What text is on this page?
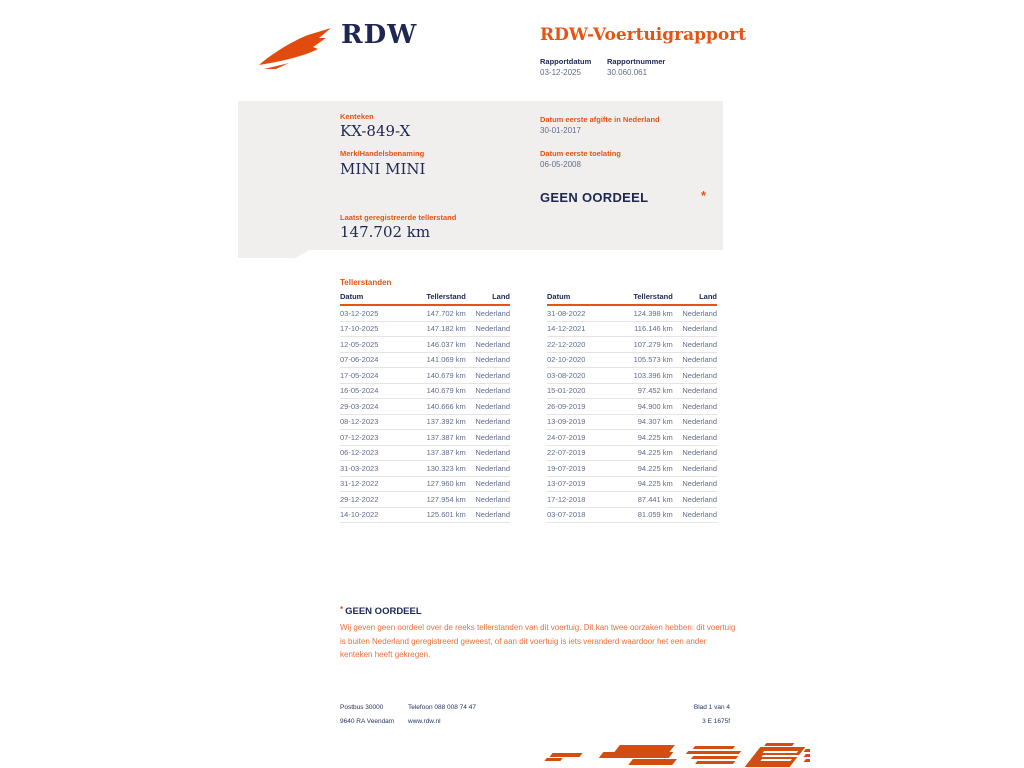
RDW	RDW-Voertuigrapport
Rapportdatum Rapportnummer
03-12-2025	30.060.061
Kenteken
KX-849-X
Merk/Handelsbenaming
MINI MINI
Laatst geregistreerde tellerstand
147.702 km
Datum eerste afgifte in Nederland
30-01-2017
Datum eerste toelating
06-05-2008
GEEN OORDEEL	*
Tellerstanden
Datum	Tellerstand	Land
03-12-2025	147.702 km	Nederland
17-10-2025	147.182 km	Nederland
12-05-2025	146.037 km	Nederland
07-06-2024	141.069 km	Nederland
17-05-2024	140.679 km	Nederland
16-05-2024	140.679 km	Nederland
29-03-2024	140.666 km	Nederland
08-12-2023	137.392 km	Nederland
07-12-2023	137.387 km	Nederland
06-12-2023	137.387 km	Nederland
31-03-2023	130.323 km	Nederland
31-12-2022	127.960 km	Nederland
29-12-2022	127.954 km	Nederland
14-10-2022	125.601 km	Nederland
Datum	Tellerstand	Land
31-08-2022	124.398 km	Nederland
14-12-2021	116.146 km	Nederland
22-12-2020	107.279 km	Nederland
02-10-2020	105.573 km	Nederland
03-08-2020	103.396 km	Nederland
15-01-2020	97.452 km	Nederland
26-09-2019	94.900 km	Nederland
13-09-2019	94.307 km	Nederland
24-07-2019	94.225 km	Nederland
22-07-2019	94.225 km	Nederland
19-07-2019	94.225 km	Nederland
13-07-2019	94.225 km	Nederland
17-12-2018	87.441 km	Nederland
03-07-2018	81.059 km	Nederland
* GEEN OORDEEL
Wij geven geen oordeel over de reeks tellerstanden van dit voertuig. Dit kan twee oorzaken hebben: dit voertuig is buiten Nederland geregistreerd geweest, of aan dit voertuig is iets veranderd waardoor het een ander kenteken heeft gekregen.
Postbus 30000
9640 RA Veendam
Telefoon 088 008 74 47
www.rdw.nl
Blad 1 van 4
3 E 1675f
